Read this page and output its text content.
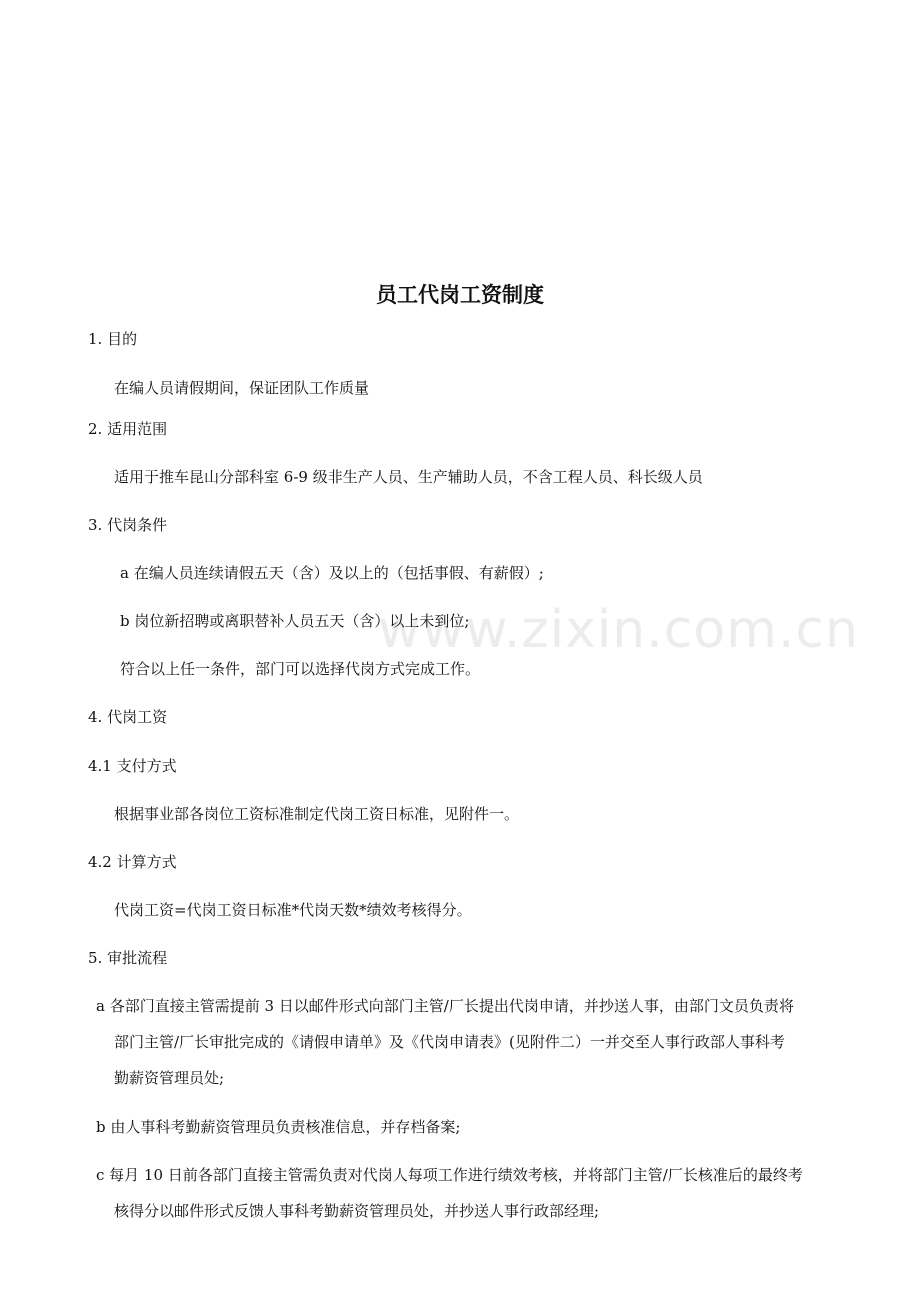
www.zixin.com.cn
员工代岗工资制度
1. 目的
在编人员请假期间，保证团队工作质量
2. 适用范围
适用于推车昆山分部科室 6-9 级非生产人员、生产辅助人员，不含工程人员、科长级人员
3. 代岗条件
a 在编人员连续请假五天（含）及以上的（包括事假、有薪假）;
b 岗位新招聘或离职替补人员五天（含）以上未到位;
符合以上任一条件，部门可以选择代岗方式完成工作。
4. 代岗工资
4.1 支付方式
根据事业部各岗位工资标准制定代岗工资日标准，见附件一。
4.2 计算方式
代岗工资=代岗工资日标准*代岗天数*绩效考核得分。
5. 审批流程
a 各部门直接主管需提前 3 日以邮件形式向部门主管/厂长提出代岗申请，并抄送人事，由部门文员负责将
部门主管/厂长审批完成的《请假申请单》及《代岗申请表》(见附件二）一并交至人事行政部人事科考
勤薪资管理员处;
b 由人事科考勤薪资管理员负责核准信息，并存档备案;
c 每月 10 日前各部门直接主管需负责对代岗人每项工作进行绩效考核，并将部门主管/厂长核准后的最终考
核得分以邮件形式反馈人事科考勤薪资管理员处，并抄送人事行政部经理;
